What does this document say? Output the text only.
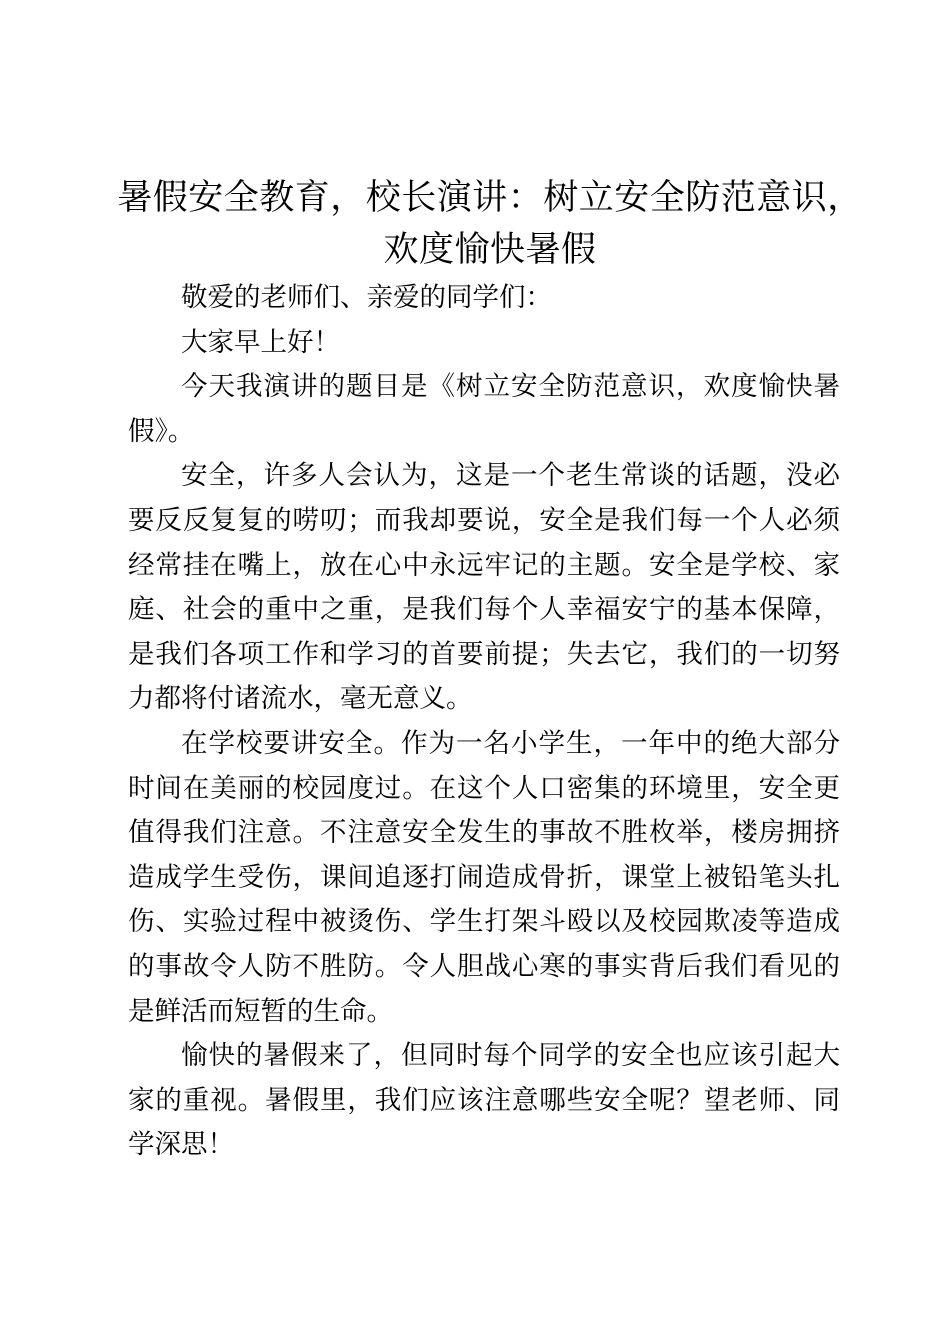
暑假安全教育，校长演讲：树立安全防范意识，欢度愉快暑假

敬爱的老师们、亲爱的同学们：

大家早上好！

今天我演讲的题目是《树立安全防范意识，欢度愉快暑假》。

安全，许多人会认为，这是一个老生常谈的话题，没必要反反复复的唠叨；而我却要说，安全是我们每一个人必须经常挂在嘴上，放在心中永远牢记的主题。安全是学校、家庭、社会的重中之重，是我们每个人幸福安宁的基本保障，是我们各项工作和学习的首要前提；失去它，我们的一切努力都将付诸流水，毫无意义。

在学校要讲安全。作为一名小学生，一年中的绝大部分时间在美丽的校园度过。在这个人口密集的环境里，安全更值得我们注意。不注意安全发生的事故不胜枚举，楼房拥挤造成学生受伤，课间追逐打闹造成骨折，课堂上被铅笔头扎伤、实验过程中被烫伤、学生打架斗殴以及校园欺凌等造成的事故令人防不胜防。令人胆战心寒的事实背后我们看见的是鲜活而短暂的生命。

愉快的暑假来了，但同时每个同学的安全也应该引起大家的重视。暑假里，我们应该注意哪些安全呢？望老师、同学深思！
